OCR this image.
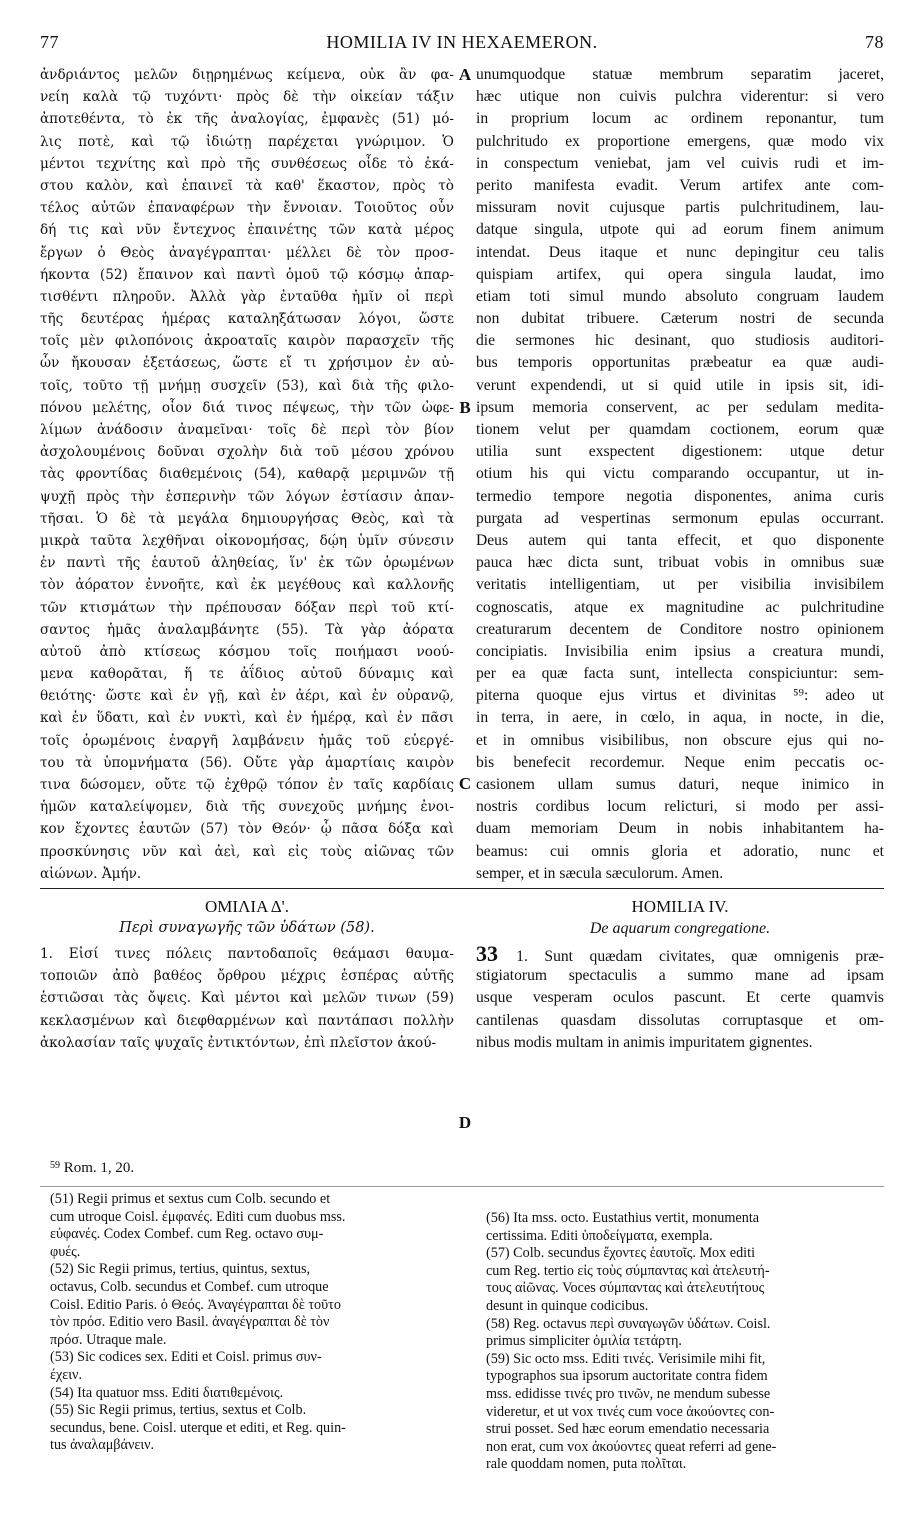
77	HOMILIA IV IN HEXAEMERON.	78
ἀνδριάντος μελῶν διῃρημένως κείμενα, οὐκ ἂν φα-
νείη καλὰ τῷ τυχόντι· πρὸς δὲ τὴν οἰκείαν τάξιν
ἀποτεθέντα, τὸ ἐκ τῆς ἀναλογίας, ἐμφανὲς (51) μό-
λις ποτὲ, καὶ τῷ ἰδιώτῃ παρέχεται γνώριμον. Ὁ
μέντοι τεχνίτης καὶ πρὸ τῆς συνθέσεως οἶδε τὸ ἑκά-
στου καλὸν, καὶ ἐπαινεῖ τὰ καθ' ἕκαστον, πρὸς τὸ
τέλος αὐτῶν ἐπαναφέρων τὴν ἔννοιαν. Τοιοῦτος οὖν
δή τις καὶ νῦν ἔντεχνος ἐπαινέτης τῶν κατὰ μέρος
ἔργων ὁ Θεὸς ἀναγέγραπται· μέλλει δὲ τὸν προσ-
ήκοντα (52) ἔπαινον καὶ παντὶ ὁμοῦ τῷ κόσμῳ ἀπαρ-
τισθέντι πληροῦν. Ἀλλὰ γὰρ ἐνταῦθα ἡμῖν οἱ περὶ
τῆς δευτέρας ἡμέρας καταληξάτωσαν λόγοι, ὥστε
τοῖς μὲν φιλοπόνοις ἀκροαταῖς καιρὸν παρασχεῖν τῆς
ὧν ἤκουσαν ἐξετάσεως, ὥστε εἴ τι χρήσιμον ἐν αὐ-
τοῖς, τοῦτο τῇ μνήμῃ συσχεῖν (53), καὶ διὰ τῆς φιλο-
πόνου μελέτης, οἷον διά τινος πέψεως, τὴν τῶν ὠφε-
λίμων ἀνάδοσιν ἀναμεῖναι· τοῖς δὲ περὶ τὸν βίον
ἀσχολουμένοις δοῦναι σχολὴν διὰ τοῦ μέσου χρόνου
τὰς φροντίδας διαθεμένοις (54), καθαρᾷ μεριμνῶν τῇ
ψυχῇ πρὸς τὴν ἑσπερινὴν τῶν λόγων ἑστίασιν ἀπαν-
τῆσαι. Ὁ δὲ τὰ μεγάλα δημιουργήσας Θεὸς, καὶ τὰ
μικρὰ ταῦτα λεχθῆναι οἰκονομήσας, δῴη ὑμῖν σύνεσιν
ἐν παντὶ τῆς ἑαυτοῦ ἀληθείας, ἵν' ἐκ τῶν ὁρωμένων
τὸν ἀόρατον ἐννοῆτε, καὶ ἐκ μεγέθους καὶ καλλονῆς
τῶν κτισμάτων τὴν πρέπουσαν δόξαν περὶ τοῦ κτί-
σαντος ἡμᾶς ἀναλαμβάνητε (55). Τὰ γὰρ ἀόρατα
αὐτοῦ ἀπὸ κτίσεως κόσμου τοῖς ποιήμασι νοού-
μενα καθορᾶται, ἥ τε ἀΐδιος αὐτοῦ δύναμις καὶ
θειότης· ὥστε καὶ ἐν γῇ, καὶ ἐν ἀέρι, καὶ ἐν οὐρανῷ,
καὶ ἐν ὕδατι, καὶ ἐν νυκτὶ, καὶ ἐν ἡμέρᾳ, καὶ ἐν πᾶσι
τοῖς ὁρωμένοις ἐναργῆ λαμβάνειν ἡμᾶς τοῦ εὐεργέ-
του τὰ ὑπομνήματα (56). Οὔτε γὰρ ἁμαρτίαις καιρὸν
τινα δώσομεν, οὔτε τῷ ἐχθρῷ τόπον ἐν ταῖς καρδίαις
ἡμῶν καταλείψομεν, διὰ τῆς συνεχοῦς μνήμης ἐνοι-
κον ἔχοντες ἑαυτῶν (57) τὸν Θεόν· ᾧ πᾶσα δόξα καὶ
προσκύνησις νῦν καὶ ἀεὶ, καὶ εἰς τοὺς αἰῶνας τῶν
αἰώνων. Ἀμήν.
unumquodque statuæ membrum separatim jaceret,
hæc utique non cuivis pulchra viderentur: si vero
in proprium locum ac ordinem reponantur, tum
pulchritudo ex proportione emergens, quæ modo vix
in conspectum veniebat, jam vel cuivis rudi et im-
perito manifesta evadit. Verum artifex ante com-
missuram novit cujusque partis pulchritudinem, lau-
datque singula, utpote qui ad eorum finem animum
intendat. Deus itaque et nunc depingitur ceu talis
quispiam artifex, qui opera singula laudat, imo
etiam toti simul mundo absoluto congruam laudem
non dubitat tribuere. Cæterum nostri de secunda
die sermones hic desinant, quo studiosis auditori-
bus temporis opportunitas præbeatur ea quæ audi-
verunt expendendi, ut si quid utile in ipsis sit, idi-
ipsum memoria conservent, ac per sedulam medita-
tionem velut per quamdam coctionem, eorum quæ
utilia sunt exspectent digestionem: utque detur
otium his qui victu comparando occupantur, ut in-
termedio tempore negotia disponentes, anima curis
purgata ad vespertinas sermonum epulas occurrant.
Deus autem qui tanta effecit, et quo disponente
pauca hæc dicta sunt, tribuat vobis in omnibus suæ
veritatis intelligentiam, ut per visibilia invisibilem
cognoscatis, atque ex magnitudine ac pulchritudine
creaturarum decentem de Conditore nostro opinionem
concipiatis. Invisibilia enim ipsius a creatura mundi,
per ea quæ facta sunt, intellecta conspiciuntur: sem-
piterna quoque ejus virtus et divinitas ⁵⁹: adeo ut
in terra, in aere, in cœlo, in aqua, in nocte, in die,
et in omnibus visibilibus, non obscure ejus qui no-
bis benefecit recordemur. Neque enim peccatis oc-
casionem ullam sumus daturi, neque inimico in
nostris cordibus locum relicturi, si modo per assi-
duam memoriam Deum in nobis inhabitantem ha-
beamus: cui omnis gloria et adoratio, nunc et
semper, et in sæcula sæculorum. Amen.
A
B
C
D
ΟΜΙΛΙΑ Δ'.
Περὶ συναγωγῆς τῶν ὑδάτων (58).
1. Εἰσί τινες πόλεις παντοδαποῖς θεάμασι θαυμα-
τοποιῶν ἀπὸ βαθέος ὄρθρου μέχρις ἑσπέρας αὐτῆς
ἑστιῶσαι τὰς ὄψεις. Καὶ μέντοι καὶ μελῶν τινων (59)
κεκλασμένων καὶ διεφθαρμένων καὶ παντάπασι πολλὴν
ἀκολασίαν ταῖς ψυχαῖς ἐντικτόντων, ἐπὶ πλεῖστον ἀκού-
HOMILIA IV.
De aquarum congregatione.
33 1. Sunt quædam civitates, quæ omnigenis præ-
stigiatorum spectaculis a summo mane ad ipsam
usque vesperam oculos pascunt. Et certe quamvis
cantilenas quasdam dissolutas corruptasque et om-
nibus modis multam in animis impuritatem gignentes.
$^{59}$ Rom. 1, 20.
(51) Regii primus et sextus cum Colb. secundo et
cum utroque Coisl. ἐμφανές. Editi cum duobus mss.
εὐφανές. Codex Combef. cum Reg. octavo συμ-
φυές.
(52) Sic Regii primus, tertius, quintus, sextus,
octavus, Colb. secundus et Combef. cum utroque
Coisl. Editio Paris. ὁ Θεός. Ἀναγέγραπται δὲ τοῦτο
τὸν πρόσ. Editio vero Basil. ἀναγέγραπται δὲ τὸν
πρόσ. Utraque male.
(53) Sic codices sex. Editi et Coisl. primus συν-
έχειν.
(54) Ita quatuor mss. Editi διατιθεμένοις.
(55) Sic Regii primus, tertius, sextus et Colb.
secundus, bene. Coisl. uterque et editi, et Reg. quin-
tus ἀναλαμβάνειν.
(56) Ita mss. octo. Eustathius vertit, monumenta
certissima. Editi ὑποδείγματα, exempla.
(57) Colb. secundus ἔχοντες ἑαυτοῖς. Mox editi
cum Reg. tertio εἰς τοὺς σύμπαντας καὶ ἀτελευτή-
τους αἰῶνας. Voces σύμπαντας καὶ ἀτελευτήτους
desunt in quinque codicibus.
(58) Reg. octavus περὶ συναγωγῶν ὑδάτων. Coisl.
primus simpliciter ὁμιλία τετάρτη.
(59) Sic octo mss. Editi τινές. Verisimile mihi fit,
typographos sua ipsorum auctoritate contra fidem
mss. edidisse τινές pro τινῶν, ne mendum subesse
videretur, et ut vox τινές cum voce ἀκούοντες con-
strui posset. Sed hæc eorum emendatio necessaria
non erat, cum vox ἀκούοντες queat referri ad gene-
rale quoddam nomen, puta πολῖται.
